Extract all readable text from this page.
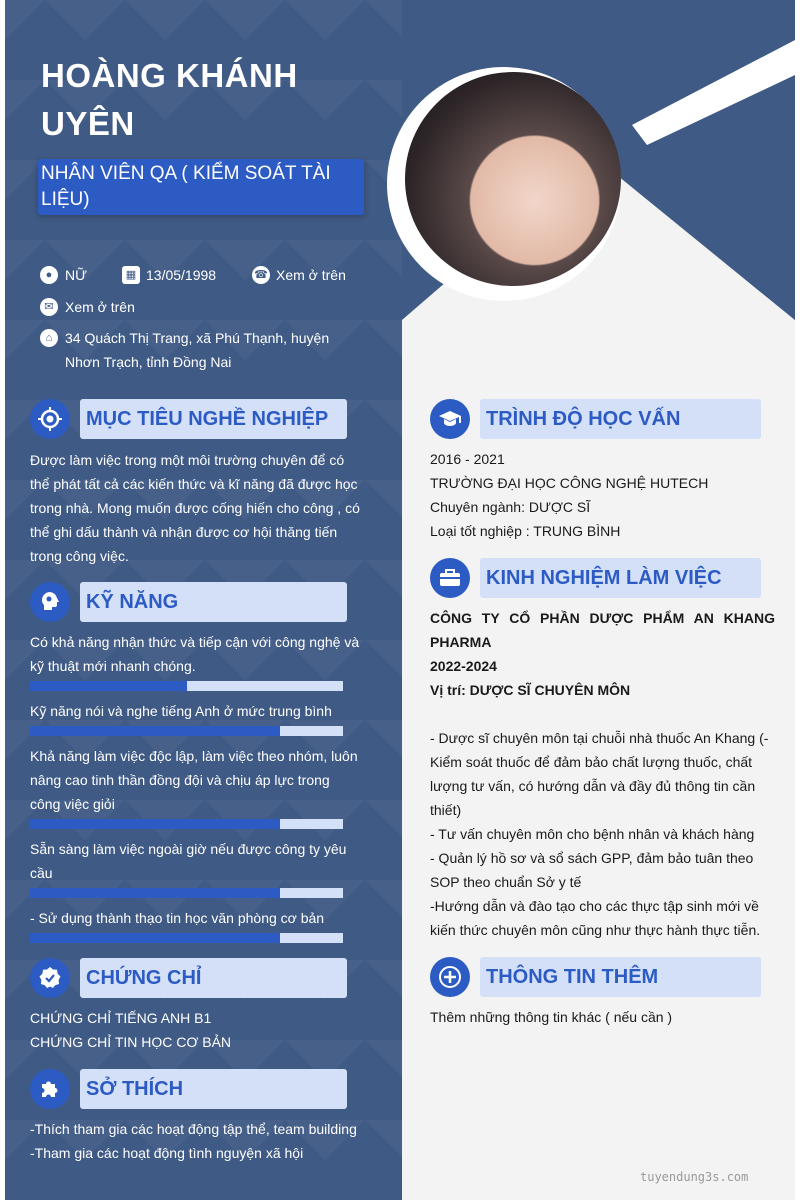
HOÀNG KHÁNH UYÊN
NHÂN VIÊN QA ( KIỂM SOÁT TÀI LIỆU)
● NỮ	▦ 13/05/1998	☎ Xem ở trên
✉ Xem ở trên
⌂ 34 Quách Thị Trang, xã Phú Thạnh, huyện Nhơn Trạch, tỉnh Đồng Nai
MỤC TIÊU NGHỀ NGHIỆP
Được làm việc trong một môi trường chuyên để có thể phát tất cả các kiến thức và kĩ năng đã được học trong nhà. Mong muốn được cống hiến cho công , có thể ghi dấu thành và nhận được cơ hội thăng tiến trong công việc.
KỸ NĂNG
Có khả năng nhận thức và tiếp cận với công nghệ và kỹ thuật mới nhanh chóng.
Kỹ năng nói và nghe tiếng Anh ở mức trung bình
Khả năng làm việc độc lập, làm việc theo nhóm, luôn nâng cao tinh thần đồng đội và chịu áp lực trong công việc giỏi
Sẵn sàng làm việc ngoài giờ nếu được công ty yêu cầu
- Sử dụng thành thạo tin học văn phòng cơ bản
CHỨNG CHỈ
CHỨNG CHỈ TIẾNG ANH B1
CHỨNG CHỈ TIN HỌC CƠ BẢN
SỞ THÍCH
-Thích tham gia các hoạt động tập thể, team building
-Tham gia các hoạt động tình nguyện xã hội
TRÌNH ĐỘ HỌC VẤN
2016 - 2021
TRƯỜNG ĐẠI HỌC CÔNG NGHỆ HUTECH
Chuyên ngành: DƯỢC SĨ
Loại tốt nghiệp : TRUNG BÌNH
KINH NGHIỆM LÀM VIỆC
CÔNG TY CỔ PHẦN DƯỢC PHẨM AN KHANG PHARMA
2022-2024
Vị trí: DƯỢC SĨ CHUYÊN MÔN
- Dược sĩ chuyên môn tại chuỗi nhà thuốc An Khang (- Kiểm soát thuốc để đảm bảo chất lượng thuốc, chất lượng tư vấn, có hướng dẫn và đầy đủ thông tin cần thiết)
- Tư vấn chuyên môn cho bệnh nhân và khách hàng
- Quản lý hồ sơ và sổ sách GPP, đảm bảo tuân theo SOP theo chuẩn Sở y tế
-Hướng dẫn và đào tạo cho các thực tập sinh mới về kiến thức chuyên môn cũng như thực hành thực tiễn.
THÔNG TIN THÊM
Thêm những thông tin khác ( nếu cần )
tuyendung3s.com
